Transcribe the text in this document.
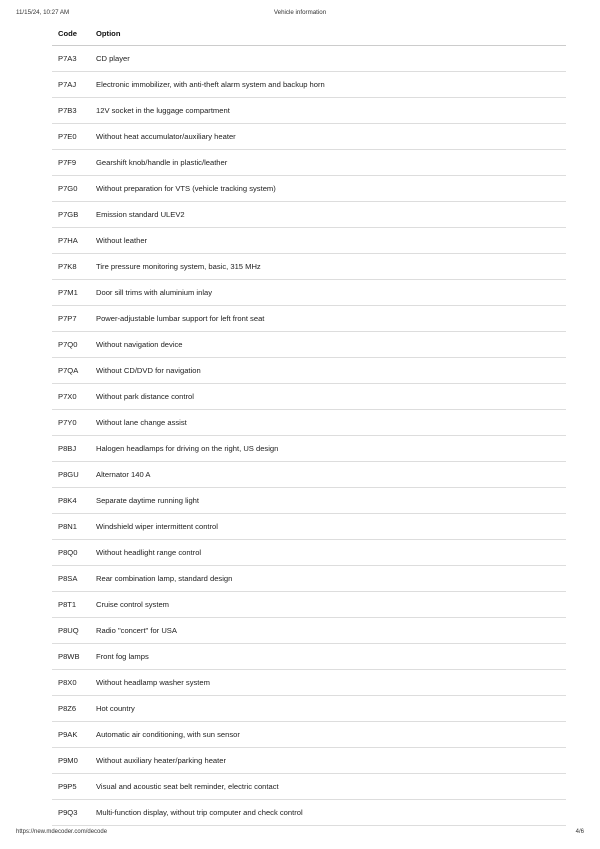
11/15/24, 10:27 AM	Vehicle information
Code	Option
P7A3	CD player
P7AJ	Electronic immobilizer, with anti-theft alarm system and backup horn
P7B3	12V socket in the luggage compartment
P7E0	Without heat accumulator/auxiliary heater
P7F9	Gearshift knob/handle in plastic/leather
P7G0	Without preparation for VTS (vehicle tracking system)
P7GB	Emission standard ULEV2
P7HA	Without leather
P7K8	Tire pressure monitoring system, basic, 315 MHz
P7M1	Door sill trims with aluminium inlay
P7P7	Power-adjustable lumbar support for left front seat
P7Q0	Without navigation device
P7QA	Without CD/DVD for navigation
P7X0	Without park distance control
P7Y0	Without lane change assist
P8BJ	Halogen headlamps for driving on the right, US design
P8GU	Alternator 140 A
P8K4	Separate daytime running light
P8N1	Windshield wiper intermittent control
P8Q0	Without headlight range control
P8SA	Rear combination lamp, standard design
P8T1	Cruise control system
P8UQ	Radio "concert" for USA
P8WB	Front fog lamps
P8X0	Without headlamp washer system
P8Z6	Hot country
P9AK	Automatic air conditioning, with sun sensor
P9M0	Without auxiliary heater/parking heater
P9P5	Visual and acoustic seat belt reminder, electric contact
P9Q3	Multi-function display, without trip computer and check control
https://new.mdecoder.com/decode	4/6
